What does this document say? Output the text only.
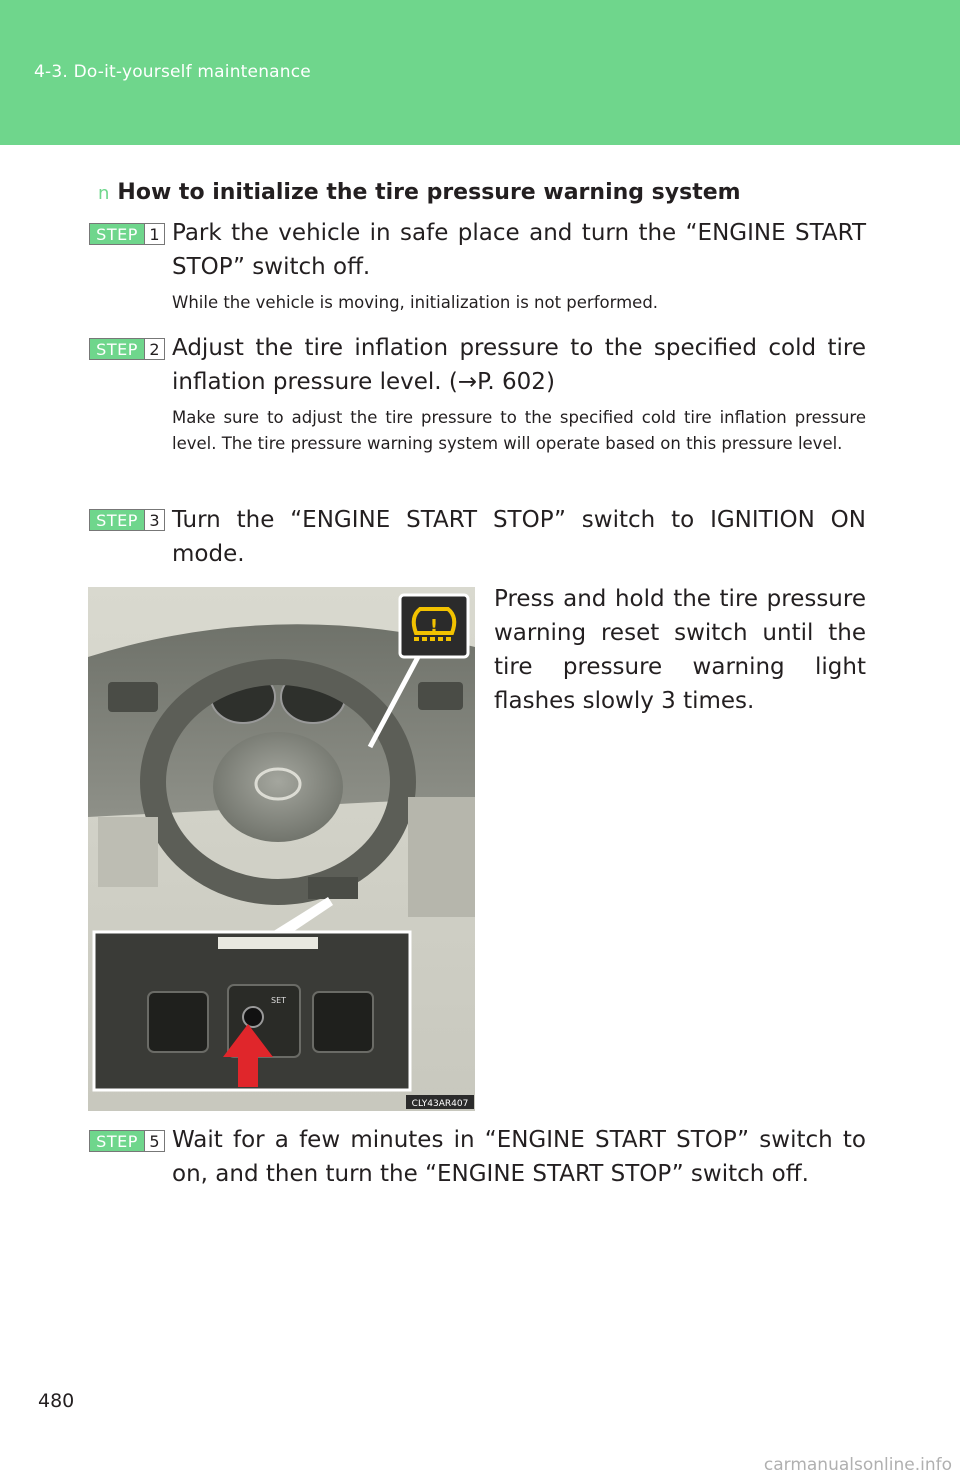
4-3. Do-it-yourself maintenance
n How to initialize the tire pressure warning system
STEP 1 Park the vehicle in safe place and turn the “ENGINE START STOP” switch off.
While the vehicle is moving, initialization is not performed.
STEP 2 Adjust the tire inflation pressure to the specified cold tire inflation pressure level. (→P. 602)
Make sure to adjust the tire pressure to the specified cold tire inflation pressure level. The tire pressure warning system will operate based on this pressure level.
STEP 3 Turn the “ENGINE START STOP” switch to IGNITION ON mode.
Press and hold the tire pressure warning reset switch until the tire pressure warning light flashes slowly 3 times.
!
SET
CLY43AR407
STEP 5 Wait for a few minutes in “ENGINE START STOP” switch to on, and then turn the “ENGINE START STOP” switch off.
480
carmanualsonline.info
